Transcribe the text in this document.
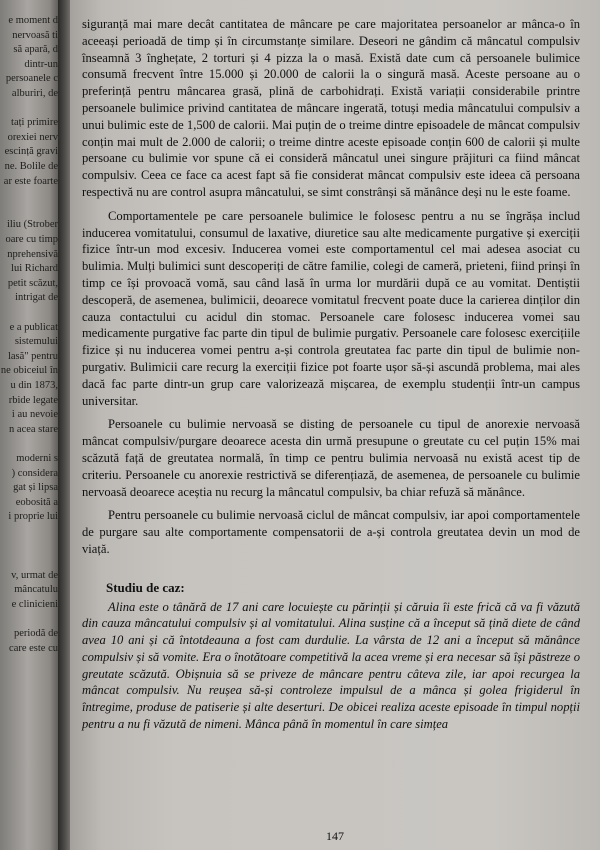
e moment d
nervoasă ti
să apară, d
dintr-un
persoanele c
alburiri, de
tați primire
orexiei nerv
escință gravi
ne. Bolile de
ar este foarte
iliu (Strober
oare cu timp
nprehensivă
lui Richard
petit scăzut,
intrigat de
e a publicat
sistemului
lasă" pentru
ne obiceiul în
u din 1873,
rbide legate
i au nevoie
n acea stare
moderni s
) considera
gat și lipsa
eobosită a
i proprie lui
v, urmat de
mâncatulu
e clinicieni
periodă de
care este cu

siguranță mai mare decât cantitatea de mâncare pe care majoritatea persoanelor ar mânca-o în aceeași perioadă de timp și în circumstanțe similare. Deseori ne gândim că mâncatul compulsiv înseamnă 3 înghețate, 2 torturi și 4 pizza la o masă. Există date cum că persoanele bulimice consumă frecvent între 15.000 și 20.000 de calorii la o singură masă. Aceste persoane au o preferință pentru mâncarea grasă, plină de carbohidrați. Există variații considerabile printre persoanele bulimice privind cantitatea de mâncare ingerată, totuși media mâncatului compulsiv a unui bulimic este de 1,500 de calorii. Mai puțin de o treime dintre episoadele de mâncat compulsiv conțin mai mult de 2.000 de calorii; o treime dintre aceste episoade conțin 600 de calorii și multe persoane cu bulimie vor spune că ei consideră mâncatul unei singure prăjituri ca fiind mâncat compulsiv. Ceea ce face ca acest fapt să fie considerat mâncat compulsiv este ideea că persoana respectivă nu are control asupra mâncatului, se simt constrânși să mănânce deși nu le este foame.

Comportamentele pe care persoanele bulimice le folosesc pentru a nu se îngrășa includ inducerea vomitatului, consumul de laxative, diuretice sau alte medicamente purgative și exerciții fizice într-un mod excesiv. Inducerea vomei este comportamentul cel mai adesea asociat cu bulimia. Mulți bulimici sunt descoperiți de către familie, colegi de cameră, prieteni, fiind prinși în timp ce își provoacă vomă, sau când lasă în urma lor murdării după ce au vomitat. Dentiștii descoperă, de asemenea, bulimicii, deoarece vomitatul frecvent poate duce la carierea dinților din cauza contactului cu acidul din stomac. Persoanele care folosesc inducerea vomei sau medicamente purgative fac parte din tipul de bulimie purgativ. Persoanele care folosesc exercițiile fizice și nu inducerea vomei pentru a-și controla greutatea fac parte din tipul de bulimie non-purgativ. Bulimicii care recurg la exerciții fizice pot foarte ușor să-și ascundă problema, mai ales dacă fac parte dintr-un grup care valorizează mișcarea, de exemplu studenții într-un campus universitar.

Persoanele cu bulimie nervoasă se disting de persoanele cu tipul de anorexie nervoasă mâncat compulsiv/purgare deoarece acesta din urmă presupune o greutate cu cel puțin 15% mai scăzută față de greutatea normală, în timp ce pentru bulimia nervoasă nu există acest tip de criteriu. Persoanele cu anorexie restrictivă se diferențiază, de asemenea, de persoanele cu bulimie nervoasă deoarece aceștia nu recurg la mâncatul compulsiv, ba chiar refuză să mănânce.

Pentru persoanele cu bulimie nervoasă ciclul de mâncat compulsiv, iar apoi comportamentele de purgare sau alte comportamente compensatorii de a-și controla greutatea devin un mod de viață.

Studiu de caz:

Alina este o tânără de 17 ani care locuiește cu părinții și căruia îi este frică că va fi văzută din cauza mâncatului compulsiv și al vomitatului. Alina susține că a început să țină diete de când avea 10 ani și că întotdeauna a fost cam durdulie. La vârsta de 12 ani a început să mănânce compulsiv și să vomite. Era o înotătoare competitivă la acea vreme și era necesar să își păstreze o greutate scăzută. Obișnuia să se priveze de mâncare pentru câteva zile, iar apoi recurgea la mâncat compulsiv. Nu reușea să-și controleze impulsul de a mânca și golea frigiderul în întregime, produse de patiserie și alte deserturi. De obicei realiza aceste episoade în timpul nopții pentru a nu fi văzută de nimeni. Mânca până în momentul în care simțea

147
